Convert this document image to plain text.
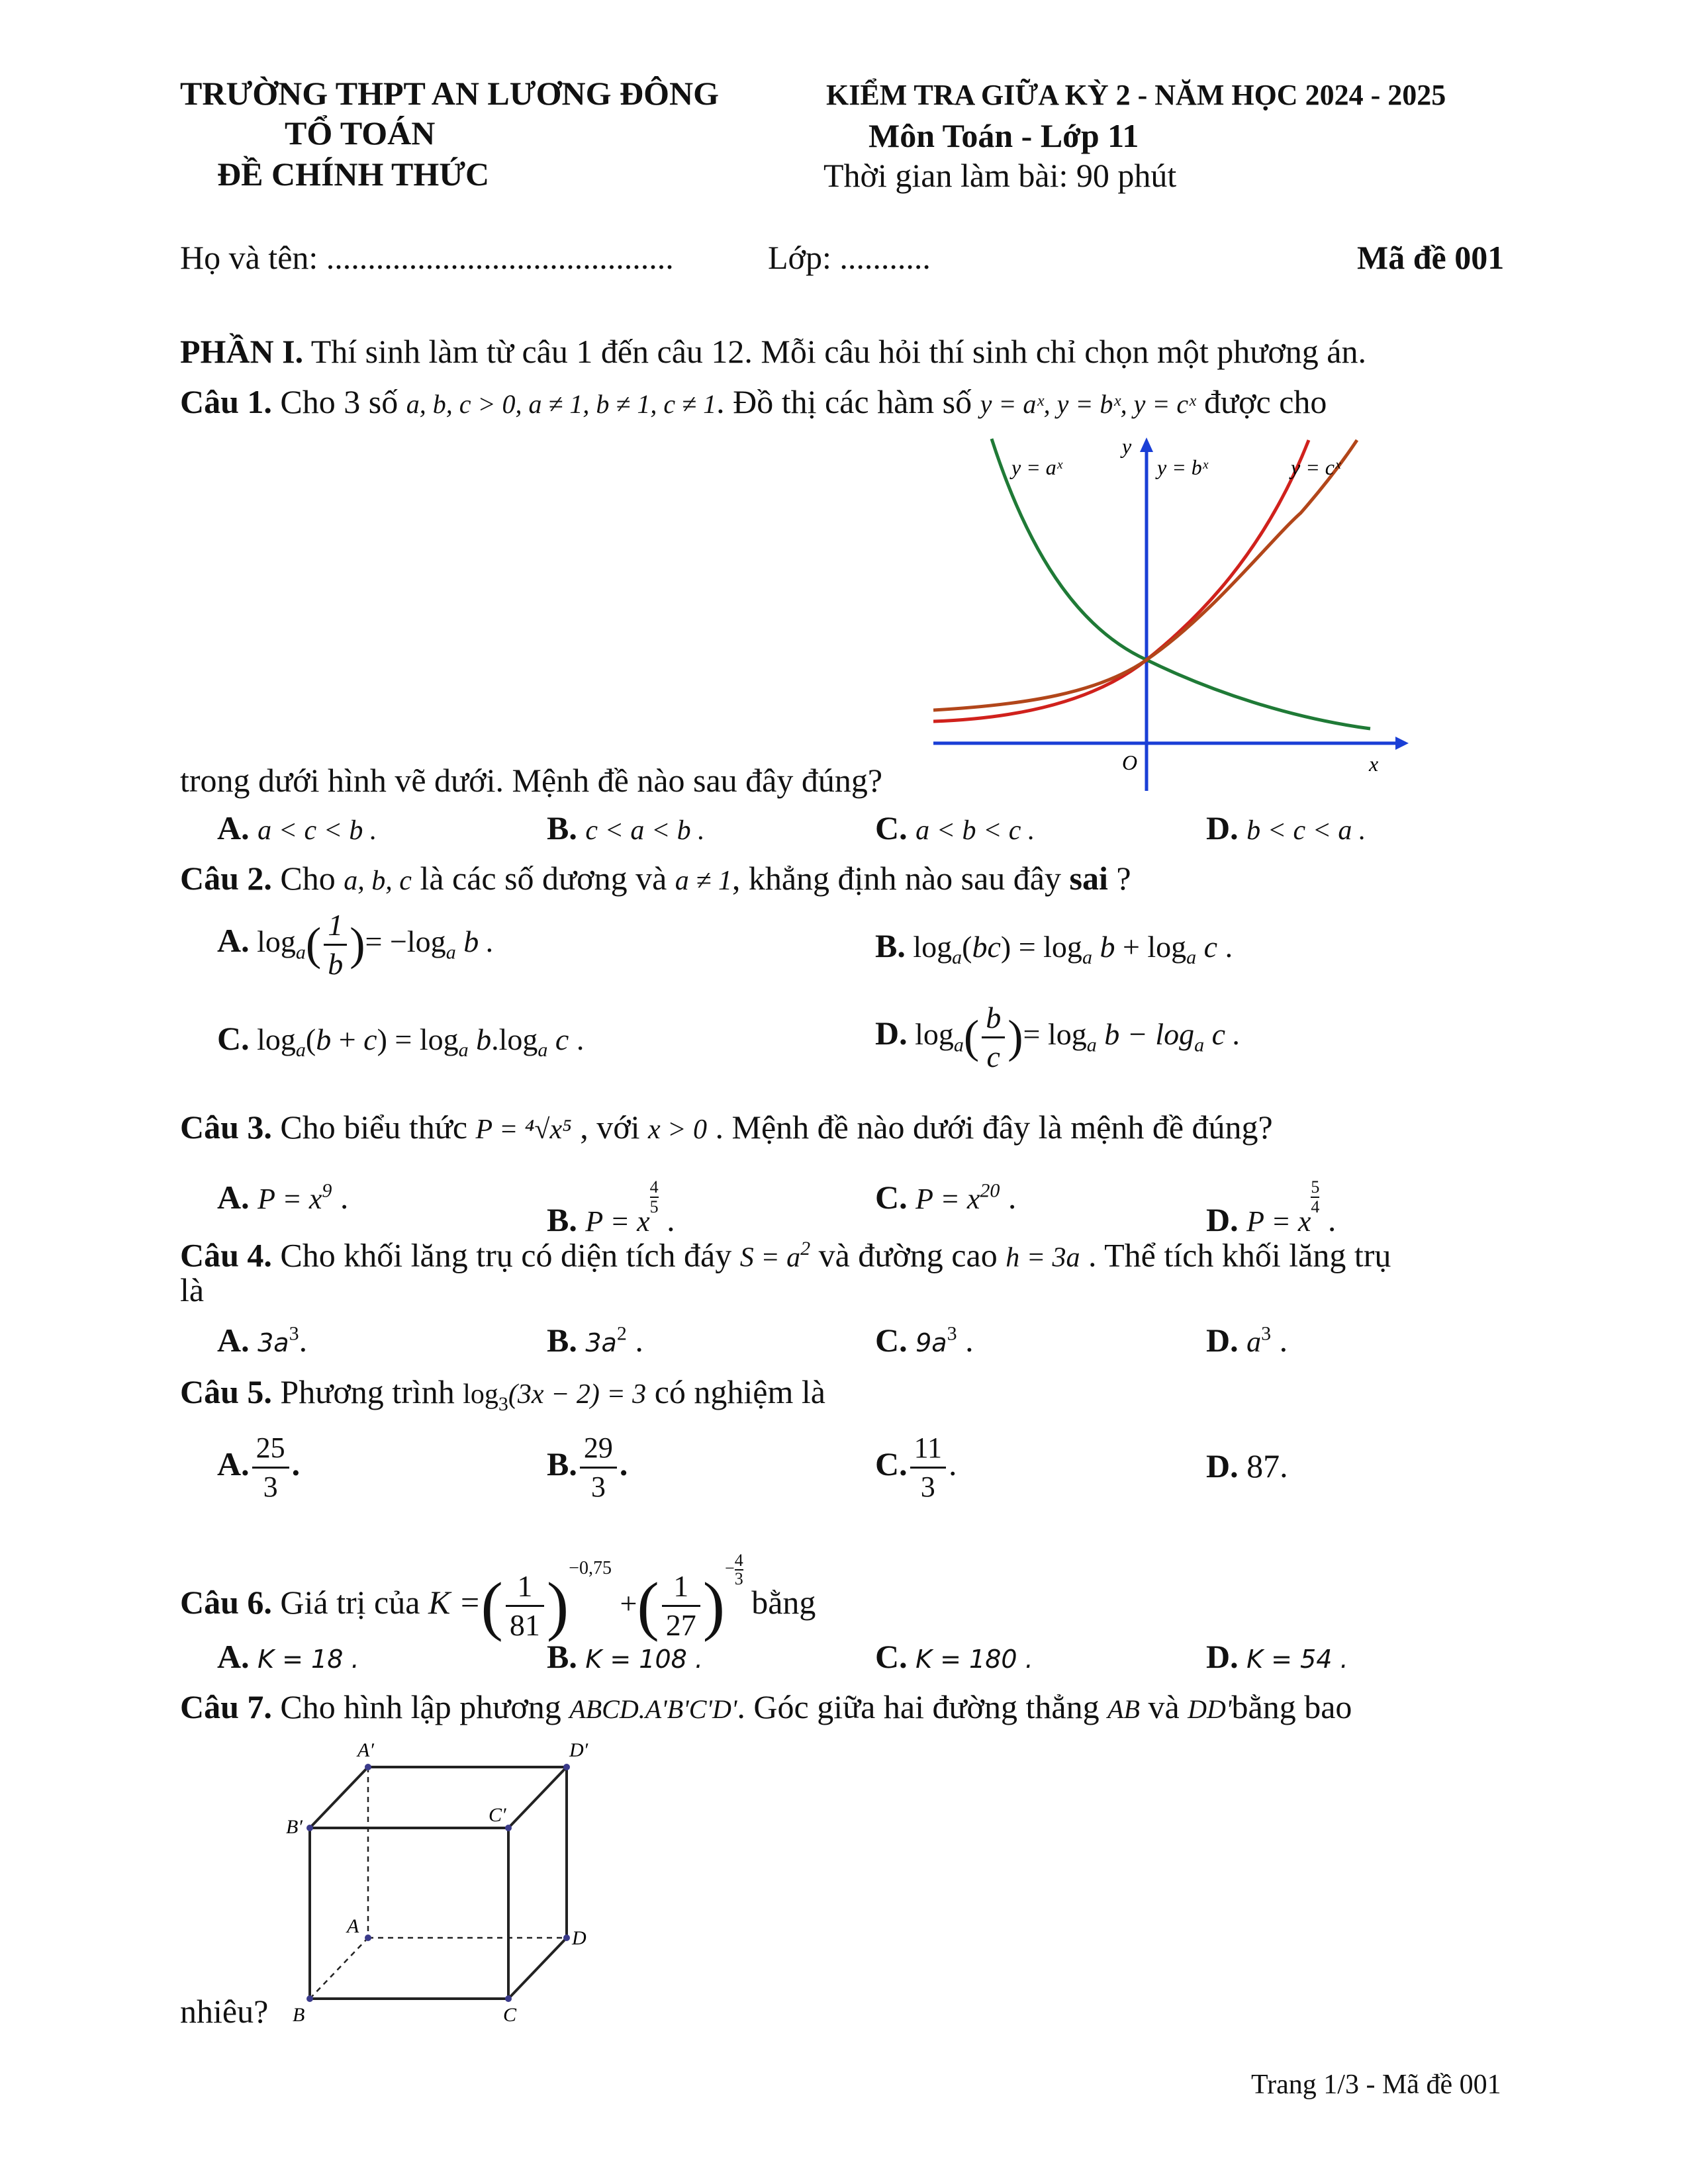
TRƯỜNG THPT AN LƯƠNG ĐÔNG
TỔ TOÁN
ĐỀ CHÍNH THỨC
KIỂM TRA GIỮA KỲ 2 - NĂM HỌC 2024 - 2025
Môn Toán - Lớp 11
Thời gian làm bài: 90 phút
Họ và tên: ..........................................	Lớp: ...........	Mã đề 001
PHẦN I. Thí sinh làm từ câu 1 đến câu 12. Mỗi câu hỏi thí sinh chỉ chọn một phương án.
Câu 1. Cho 3 số a, b, c > 0, a ≠ 1, b ≠ 1, c ≠ 1. Đồ thị các hàm số y = aˣ, y = bˣ, y = cˣ được cho
y = aˣ	y = bˣ	y = cˣ
y
x
O
trong dưới hình vẽ dưới. Mệnh đề nào sau đây đúng?
A. a < c < b .	B. c < a < b .	C. a < b < c .	D. b < c < a .
Câu 2. Cho a, b, c là các số dương và a ≠ 1, khẳng định nào sau đây sai ?
A. $\log_a( \frac{1}{b}$ )= $-\log_a$ b .	B. $\log_a(bc) = \log_a b + \log_a c$ .
C. $\log_a(b + c) = \log_a b.\log_a$ c .	D. $\log_a( \frac{b}{c}$ )= $\log_a b - \log_a c$ .
Câu 3. Cho biểu thức P = ⁴√x⁵ , với x > 0 . Mệnh đề nào dưới đây là mệnh đề đúng?
A. $P = x^9$ .
B. P = x
$\frac{4}{5}$
.
C. $P = x^{20}$ .
D. P = x
$\frac{5}{4}$
.
Câu 4. Cho khối lăng trụ có diện tích đáy $S = a^2$ và đường cao h = 3a . Thể tích khối lăng trụ
là
A. $3a^3$.	B. $3a^2$ .	C. $9a^3$ .	D. $a^3$ .
Câu 5. Phương trình $\log_3(3x - 2) = 3$ có nghiệm là
A. $\frac{25}{3}$ .	B. $\frac{29}{3}$ .	C. $\frac{11}{3}$ .	D. 87.
Câu 6. Giá trị của K =( $\frac{1}{81} )^{-0,75}$ +( $\frac{1}{27}$ )− $\frac{4}{3}$
bằng
A. K = 18 .	B. K = 108 .	C. K = 180 .	D. K = 54 .
Câu 7. Cho hình lập phương ABCD.A'B'C'D'. Góc giữa hai đường thẳng AB và DD'bằng bao
A′	D′
B′
C′
A
D
B	C
nhiêu?
Trang 1/3 - Mã đề 001
